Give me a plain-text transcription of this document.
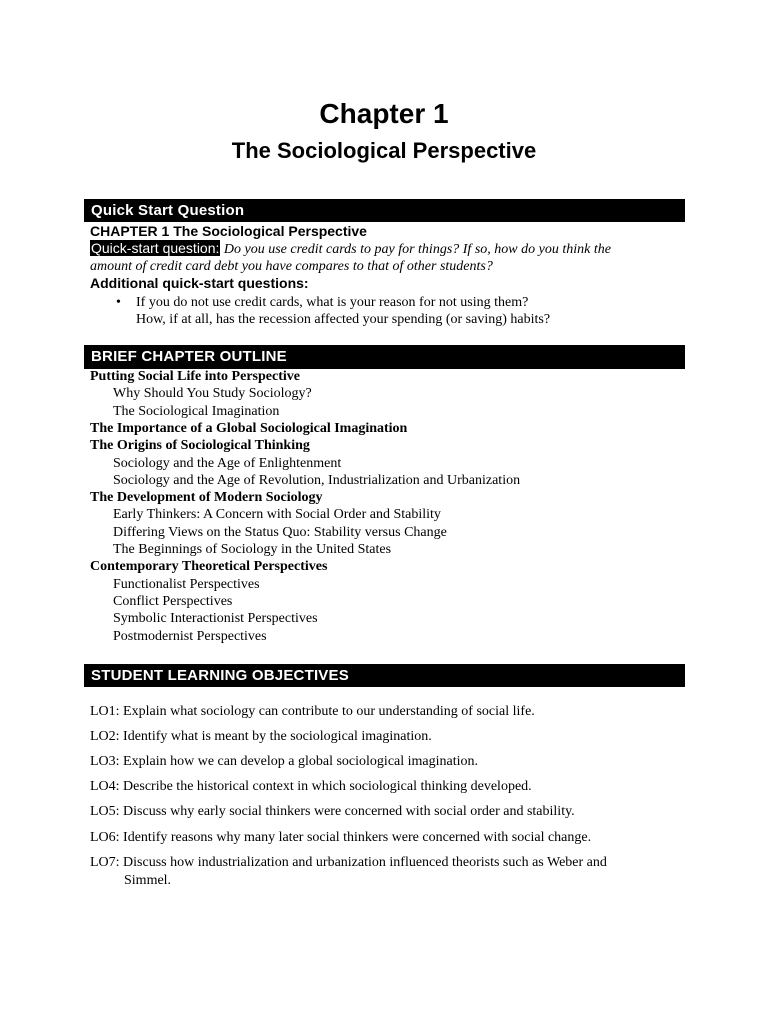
Chapter 1
The Sociological Perspective
Quick Start Question
CHAPTER 1 The Sociological Perspective
Quick-start question: Do you use credit cards to pay for things? If so, how do you think the
amount of credit card debt you have compares to that of other students?
Additional quick-start questions:
• If you do not use credit cards, what is your reason for not using them?
How, if at all, has the recession affected your spending (or saving) habits?
BRIEF CHAPTER OUTLINE
Putting Social Life into Perspective
Why Should You Study Sociology?
The Sociological Imagination
The Importance of a Global Sociological Imagination
The Origins of Sociological Thinking
Sociology and the Age of Enlightenment
Sociology and the Age of Revolution, Industrialization and Urbanization
The Development of Modern Sociology
Early Thinkers: A Concern with Social Order and Stability
Differing Views on the Status Quo: Stability versus Change
The Beginnings of Sociology in the United States
Contemporary Theoretical Perspectives
Functionalist Perspectives
Conflict Perspectives
Symbolic Interactionist Perspectives
Postmodernist Perspectives
STUDENT LEARNING OBJECTIVES
LO1: Explain what sociology can contribute to our understanding of social life.
LO2: Identify what is meant by the sociological imagination.
LO3: Explain how we can develop a global sociological imagination.
LO4: Describe the historical context in which sociological thinking developed.
LO5: Discuss why early social thinkers were concerned with social order and stability.
LO6: Identify reasons why many later social thinkers were concerned with social change.
LO7: Discuss how industrialization and urbanization influenced theorists such as Weber and
Simmel.
